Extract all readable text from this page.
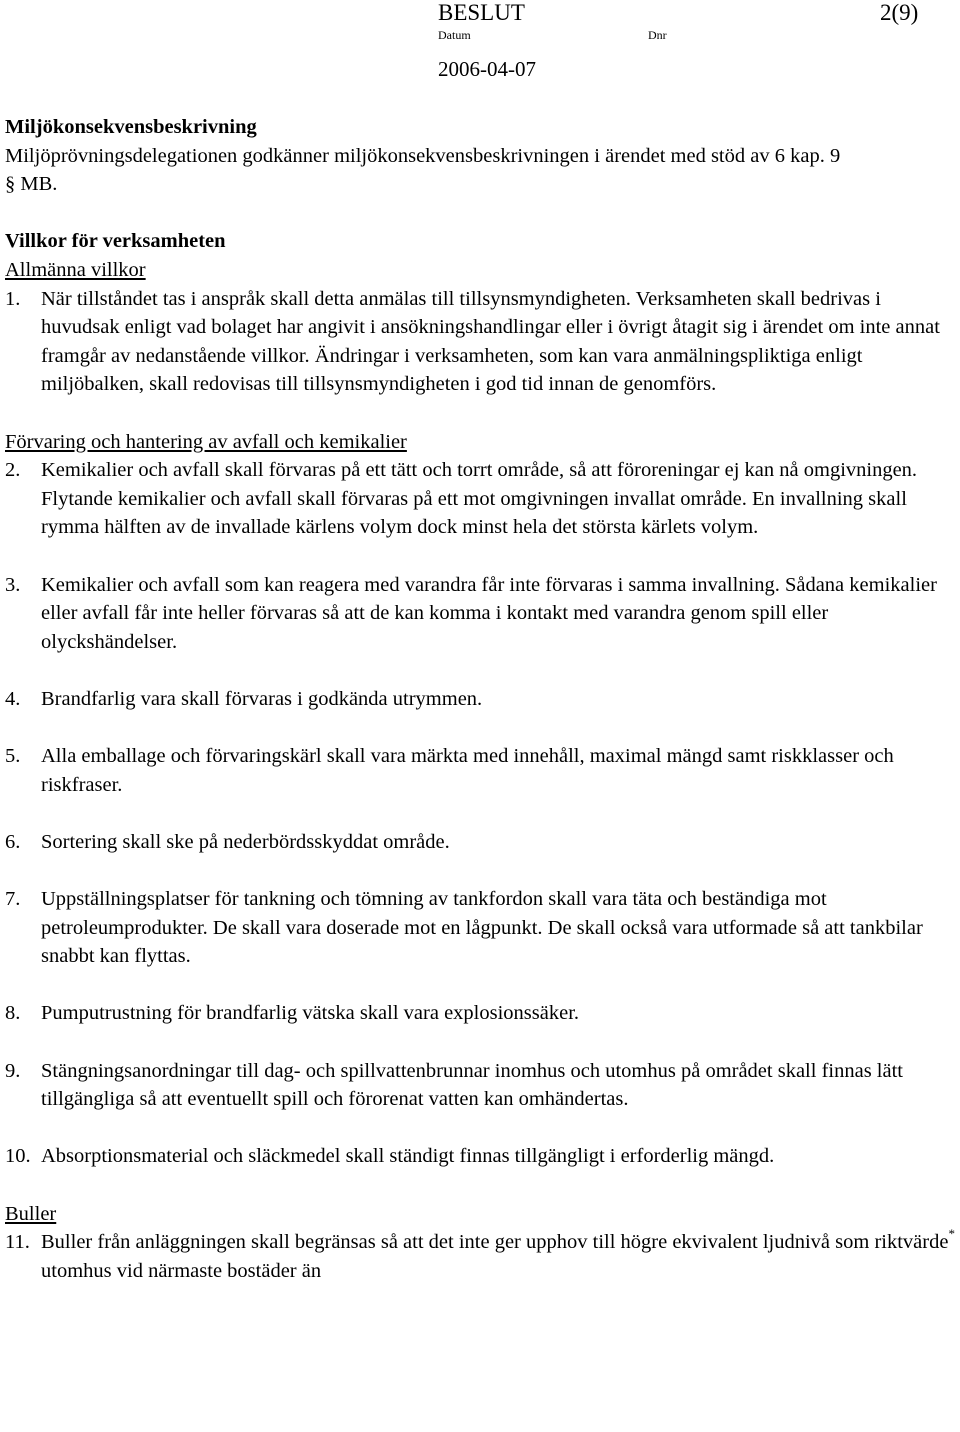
BESLUT	2(9)
Datum	Dnr
2006-04-07
Miljökonsekvensbeskrivning
Miljöprövningsdelegationen godkänner miljökonsekvensbeskrivningen i ärendet med stöd av 6 kap. 9 § MB.
Villkor för verksamheten
Allmänna villkor
1.	När tillståndet tas i anspråk skall detta anmälas till tillsynsmyndigheten. Verksamheten skall bedrivas i huvudsak enligt vad bolaget har angivit i ansökningshandlingar eller i övrigt åtagit sig i ärendet om inte annat framgår av nedanstående villkor. Ändringar i verksamheten, som kan vara anmälningspliktiga enligt miljöbalken, skall redovisas till tillsynsmyndigheten i god tid innan de genomförs.
Förvaring och hantering av avfall och kemikalier
2.	Kemikalier och avfall skall förvaras på ett tätt och torrt område, så att föroreningar ej kan nå omgivningen. Flytande kemikalier och avfall skall förvaras på ett mot omgivningen invallat område. En invallning skall rymma hälften av de invallade kärlens volym dock minst hela det största kärlets volym.
3.	Kemikalier och avfall som kan reagera med varandra får inte förvaras i samma invallning. Sådana kemikalier eller avfall får inte heller förvaras så att de kan komma i kontakt med varandra genom spill eller olyckshändelser.
4.	Brandfarlig vara skall förvaras i godkända utrymmen.
5.	Alla emballage och förvaringskärl skall vara märkta med innehåll, maximal mängd samt riskklasser och riskfraser.
6.	Sortering skall ske på nederbördsskyddat område.
7.	Uppställningsplatser för tankning och tömning av tankfordon skall vara täta och beständiga mot petroleumprodukter. De skall vara doserade mot en lågpunkt. De skall också vara utformade så att tankbilar snabbt kan flyttas.
8.	Pumputrustning för brandfarlig vätska skall vara explosionssäker.
9.	Stängningsanordningar till dag- och spillvattenbrunnar inomhus och utomhus på området skall finnas lätt tillgängliga så att eventuellt spill och förorenat vatten kan omhändertas.
10. Absorptionsmaterial och släckmedel skall ständigt finnas tillgängligt i erforderlig mängd.
Buller
11. Buller från anläggningen skall begränsas så att det inte ger upphov till högre ekvivalent ljudnivå som riktvärde* utomhus vid närmaste bostäder än
